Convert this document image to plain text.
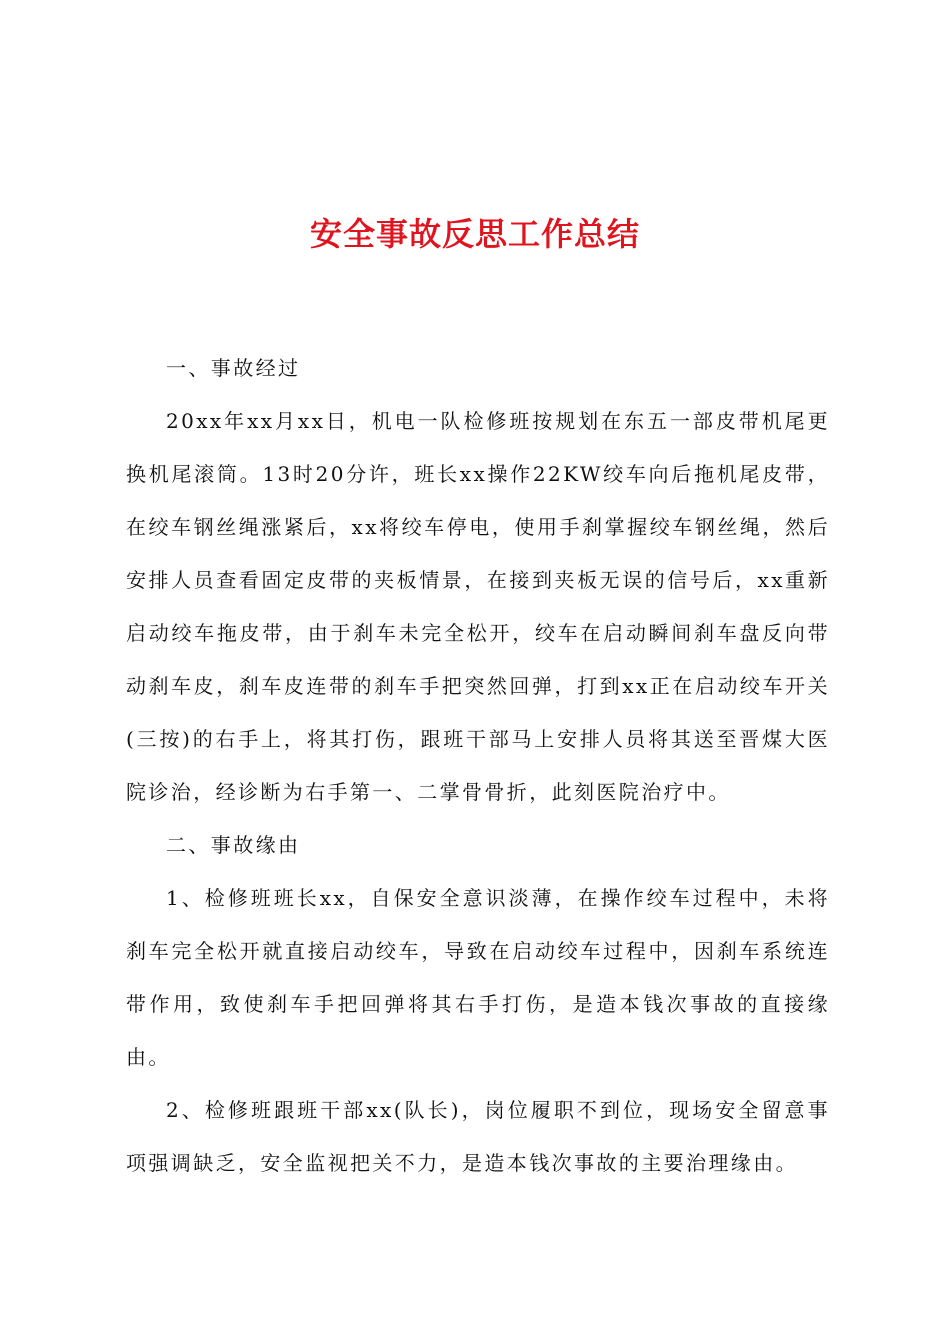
安全事故反思工作总结

一、事故经过

20xx年xx月xx日，机电一队检修班按规划在东五一部皮带机尾更换机尾滚筒。13时20分许，班长xx操作22KW绞车向后拖机尾皮带，在绞车钢丝绳涨紧后，xx将绞车停电，使用手刹掌握绞车钢丝绳，然后安排人员查看固定皮带的夹板情景，在接到夹板无误的信号后，xx重新启动绞车拖皮带，由于刹车未完全松开，绞车在启动瞬间刹车盘反向带动刹车皮，刹车皮连带的刹车手把突然回弹，打到xx正在启动绞车开关(三按)的右手上，将其打伤，跟班干部马上安排人员将其送至晋煤大医院诊治，经诊断为右手第一、二掌骨骨折，此刻医院治疗中。

二、事故缘由

1、检修班班长xx，自保安全意识淡薄，在操作绞车过程中，未将刹车完全松开就直接启动绞车，导致在启动绞车过程中，因刹车系统连带作用，致使刹车手把回弹将其右手打伤，是造本钱次事故的直接缘由。

2、检修班跟班干部xx(队长)，岗位履职不到位，现场安全留意事项强调缺乏，安全监视把关不力，是造本钱次事故的主要治理缘由。
